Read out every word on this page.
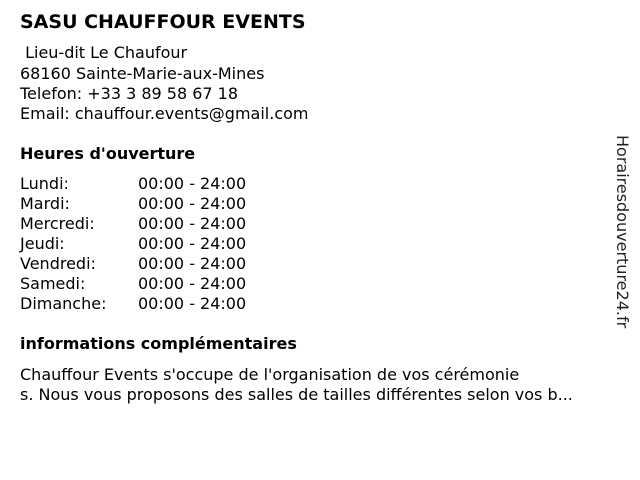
SASU CHAUFFOUR EVENTS
Lieu-dit Le Chaufour
68160 Sainte-Marie-aux-Mines
Telefon: +33 3 89 58 67 18
Email: chauffour.events@gmail.com
Heures d'ouverture
Lundi:	00:00 - 24:00
Mardi:	00:00 - 24:00
Mercredi:	00:00 - 24:00
Jeudi:	00:00 - 24:00
Vendredi:	00:00 - 24:00
Samedi:	00:00 - 24:00
Dimanche: 00:00 - 24:00
informations complémentaires
Chauffour Events s'occupe de l'organisation de vos cérémonie
s. Nous vous proposons des salles de tailles différentes selon vos b...
Horairesdouverture24.fr
